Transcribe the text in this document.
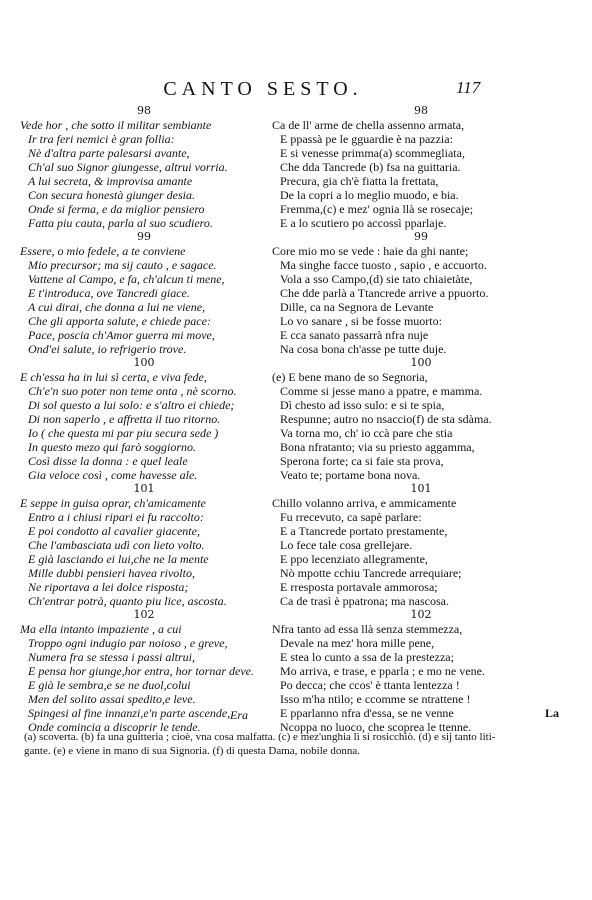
CANTO SESTO.	117
98
Vede hor , che sotto il militar sembiante
Ir tra feri nemici è gran follia:
Nè d'altra parte palesarsi avante,
Ch'al suo Signor giungesse, altrui vorria.
A lui secreta, & improvisa amante
Con secura honestà giunger desia.
Onde si ferma, e da miglior pensiero
Fatta piu cauta, parla al suo scudiero.
99
Essere, o mio fedele, a te conviene
Mio precursor; ma sij cauto , e sagace.
Vattene al Campo, e fa, ch'alcun ti mene,
E t'introduca, ove Tancredi giace.
A cui dirai, che donna a lui ne viene,
Che gli apporta salute, e chiede pace:
Pace, poscia ch'Amor guerra mi move,
Ond'ei salute, io refrigerio trove.
100
E ch'essa ha in lui sì certa, e viva fede,
Ch'e'n suo poter non teme onta , nè scorno.
Di sol questo a lui solo: e s'altro ei chiede;
Di non saperlo , e affretta il tuo ritorno.
Io ( che questa mi par piu secura sede )
In questo mezo qui farò soggiorno.
Così disse la donna : e quel leale
Gia veloce così , come havesse ale.
101
E seppe in guisa oprar, ch'amicamente
Entro a i chiusi ripari ei fu raccolto:
E poi condotto al cavalier giacente,
Che l'ambasciata udì con lieto volto.
E già lasciando ei lui,che ne la mente
Mille dubbi pensieri havea rivolto,
Ne riportava a lei dolce risposta;
Ch'entrar potrà, quanto piu lice, ascosta.
102
Ma ella intanto impaziente , a cui
Troppo ogni indugio par noioso , e greve,
Numera fra se stessa i passi altrui,
E pensa hor giunge,hor entra, hor tornar deve.
E già le sembra,e se ne duol,colui
Men del solito assai spedito,e leve.
Spingesi al fine innanzi,e'n parte ascende,
Onde comincia a discoprir le tende.
98
Ca de ll' arme de chella assenno armata,
E ppassà pe le gguardie è na pazzia:
E si venesse primma(a) scommegliata,
Che dda Tancrede (b) fsa na guittaria.
Precura, gia ch'è fiatta la frettata,
De la copri a lo meglio muodo, e bia.
Fremma,(c) e mez' ognia llà se rosecaje;
E a lo scutiero po accossì pparlaje.
99
Core mio mo se vede : haie da ghi nante;
Ma singhe facce tuosto , sapio , e accuorto.
Vola a sso Campo,(d) sie tato chiaietàte,
Che dde parlà a Ttancrede arrive a ppuorto.
Dille, ca na Segnora de Levante
Lo vo sanare , si be fosse muorto:
E cca sanato passarrà nfra nuje
Na cosa bona ch'asse pe tutte duje.
100
(e) E bene mano de so Segnoria,
Comme si jesse mano a ppatre, e mamma.
Dì chesto ad isso sulo: e si te spia,
Respunne; autro no nsaccio(f) de sta sdàma.
Va torna mo, ch' io ccà pare che stia
Bona nfratanto; via su priesto aggamma,
Sperona forte; ca si faie sta prova,
Veato te; portame bona nova.
101
Chillo volanno arriva, e ammicamente
Fu rrecevuto, ca sapè parlare:
E a Ttancrede portato prestamente,
Lo fece tale cosa grellejare.
E ppo lecenziato allegramente,
Nò mpotte cchiu Tancrede arrequiare;
E rresposta portavale ammorosa;
Ca de trasì è ppatrona; ma nascosa.
102
Nfra tanto ad essa llà senza stemmezza,
Devale na mez' hora mille pene,
E stea lo cunto a ssa de la prestezza;
Mo arriva, e trase, e pparla ; e mo ne vene.
Po decca; che ccos' è ttanta lentezza !
Isso m'ha ntilo; e ccomme se ntrattene !
E pparlanno nfra d'essa, se ne venne
Ncoppa no luoco, che scoprea le ttenne.
Era	La
(a) scoverta. (b) fa una guitteria ; cioè, vna cosa malfatta. (c) e mez'unghia lì si rosicchiò. (d) e sij tanto liti-
gante. (e) e viene in mano di sua Signoria. (f) di questa Dama, nobile donna.
